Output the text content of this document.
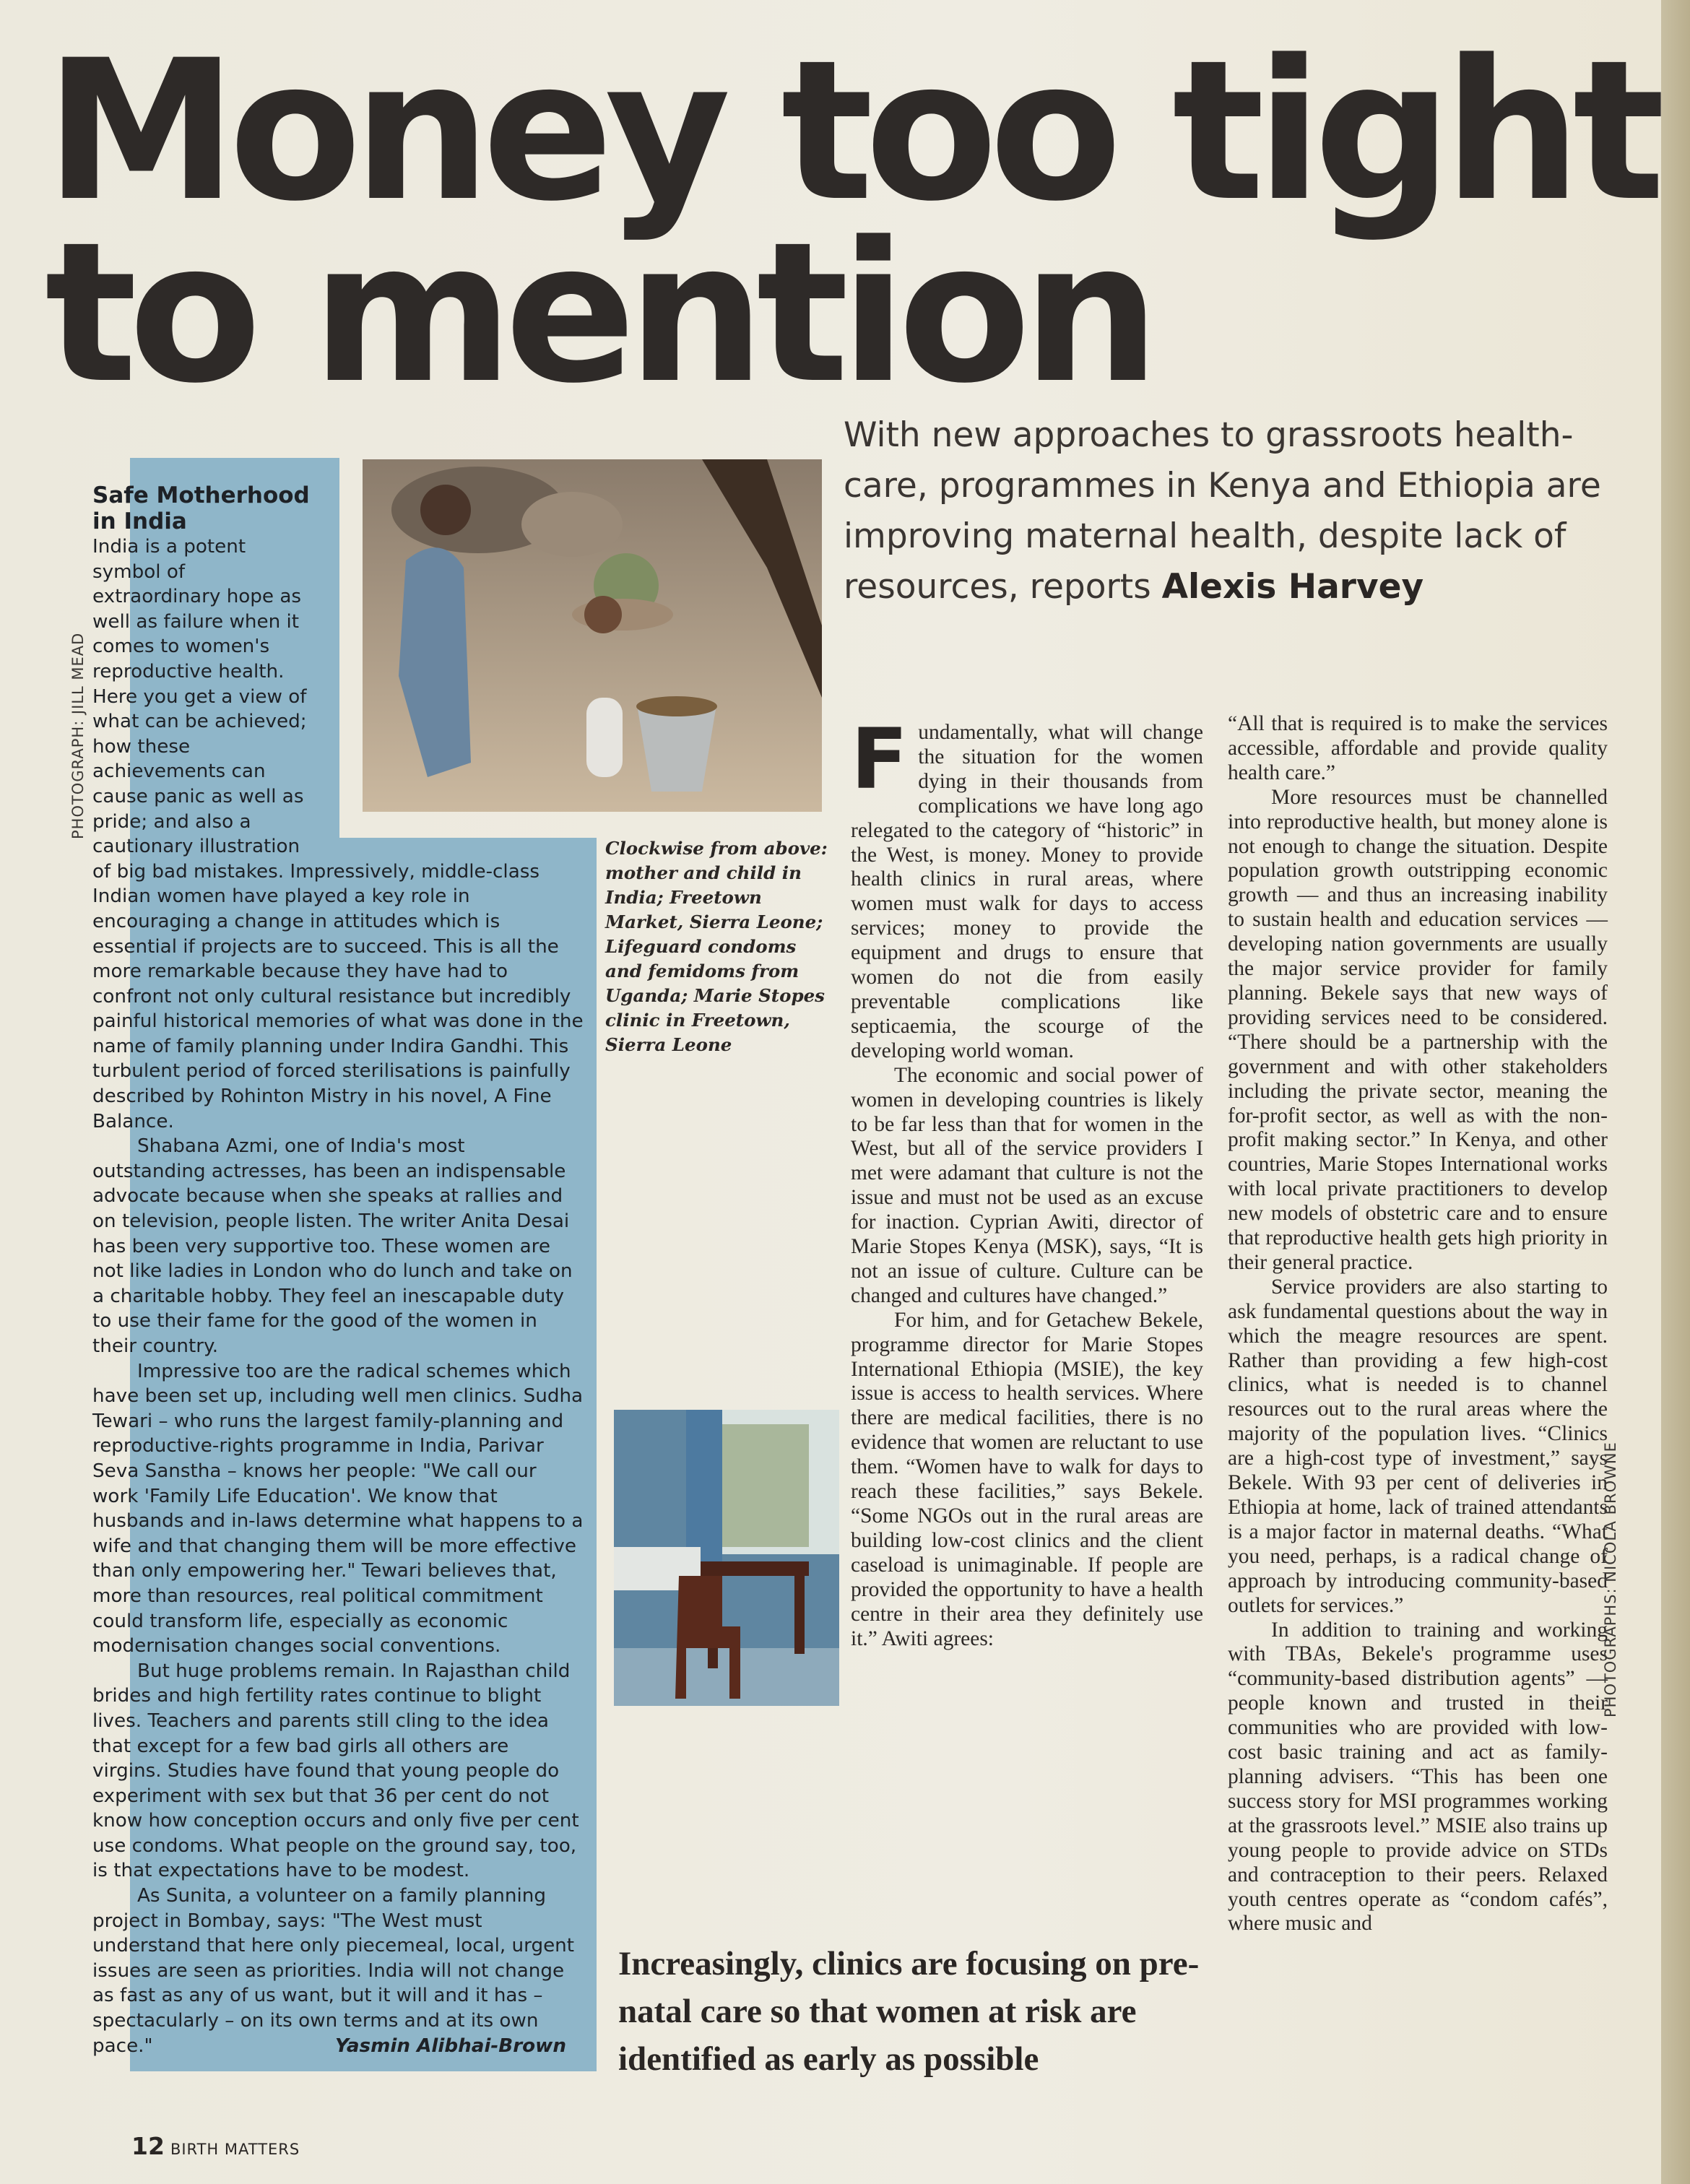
Money too tight
to mention
With new approaches to grassroots health-care, programmes in Kenya and Ethiopia are improving maternal health, despite lack of resources, reports Alexis Harvey
PHOTOGRAPH: JILL MEAD
Safe Motherhood in India

India is a potent symbol of extraordinary hope as well as failure when it comes to women's reproductive health. Here you get a view of what can be achieved; how these achievements can cause panic as well as pride; and also a cautionary illustration of big bad mistakes. Impressively, middle-class Indian women have played a key role in encouraging a change in attitudes which is essential if projects are to succeed. This is all the more remarkable because they have had to confront not only cultural resistance but incredibly painful historical memories of what was done in the name of family planning under Indira Gandhi. This turbulent period of forced sterilisations is painfully described by Rohinton Mistry in his novel, A Fine Balance.

Shabana Azmi, one of India's most outstanding actresses, has been an indispensable advocate because when she speaks at rallies and on television, people listen. The writer Anita Desai has been very supportive too. These women are not like ladies in London who do lunch and take on a charitable hobby. They feel an inescapable duty to use their fame for the good of the women in their country.

Impressive too are the radical schemes which have been set up, including well men clinics. Sudha Tewari – who runs the largest family-planning and reproductive-rights programme in India, Parivar Seva Sanstha – knows her people: "We call our work 'Family Life Education'. We know that husbands and in-laws determine what happens to a wife and that changing them will be more effective than only empowering her." Tewari believes that, more than resources, real political commitment could transform life, especially as economic modernisation changes social conventions.

But huge problems remain. In Rajasthan child brides and high fertility rates continue to blight lives. Teachers and parents still cling to the idea that except for a few bad girls all others are virgins. Studies have found that young people do experiment with sex but that 36 per cent do not know how conception occurs and only five per cent use condoms. What people on the ground say, too, is that expectations have to be modest.

As Sunita, a volunteer on a family planning project in Bombay, says: "The West must understand that here only piecemeal, local, urgent issues are seen as priorities. India will not change as fast as any of us want, but it will and it has – spectacularly – on its own terms and at its own pace."	Yasmin Alibhai-Brown

Clockwise from above: mother and child in India; Freetown Market, Sierra Leone; Lifeguard condoms and femidoms from Uganda; Marie Stopes clinic in Freetown, Sierra Leone

Fundamentally, what will change the situation for the women dying in their thousands from complications we have long ago relegated to the category of “historic” in the West, is money. Money to provide health clinics in rural areas, where women must walk for days to access services; money to provide the equipment and drugs to ensure that women do not die from easily preventable complications like septicaemia, the scourge of the developing world woman.

The economic and social power of women in developing countries is likely to be far less than that for women in the West, but all of the service providers I met were adamant that culture is not the issue and must not be used as an excuse for inaction. Cyprian Awiti, director of Marie Stopes Kenya (MSK), says, “It is not an issue of culture. Culture can be changed and cultures have changed.”

For him, and for Getachew Bekele, programme director for Marie Stopes International Ethiopia (MSIE), the key issue is access to health services. Where there are medical facilities, there is no evidence that women are reluctant to use them. “Women have to walk for days to reach these facilities,” says Bekele. “Some NGOs out in the rural areas are building low-cost clinics and the client caseload is unimaginable. If people are provided the opportunity to have a health centre in their area they definitely use it.” Awiti agrees:

“All that is required is to make the services accessible, affordable and provide quality health care.”

More resources must be channelled into reproductive health, but money alone is not enough to change the situation. Despite population growth outstripping economic growth — and thus an increasing inability to sustain health and education services — developing nation governments are usually the major service provider for family planning. Bekele says that new ways of providing services need to be considered. “There should be a partnership with the government and with other stakeholders including the private sector, meaning the for-profit sector, as well as with the non-profit making sector.” In Kenya, and other countries, Marie Stopes International works with local private practitioners to develop new models of obstetric care and to ensure that reproductive health gets high priority in their general practice.

Service providers are also starting to ask fundamental questions about the way in which the meagre resources are spent. Rather than providing a few high-cost clinics, what is needed is to channel resources out to the rural areas where the majority of the population lives. “Clinics are a high-cost type of investment,” says Bekele. With 93 per cent of deliveries in Ethiopia at home, lack of trained attendants is a major factor in maternal deaths. “What you need, perhaps, is a radical change of approach by introducing community-based outlets for services.”

In addition to training and working with TBAs, Bekele's programme uses “community-based distribution agents” — people known and trusted in their communities who are provided with low-cost basic training and act as family-planning advisers. “This has been one success story for MSI programmes working at the grassroots level.” MSIE also trains up young people to provide advice on STDs and contraception to their peers. Relaxed youth centres operate as “condom cafés”, where music and

PHOTOGRAPHS: NICOLA BROWNE
Increasingly, clinics are focusing on pre-natal care so that women at risk are identified as early as possible
12 BIRTH MATTERS
